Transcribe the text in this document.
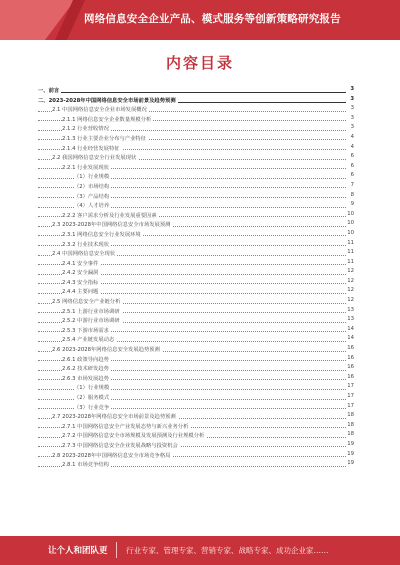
网络信息安全企业产品、模式服务等创新策略研究报告
内容目录
一、前言	3
二、2023-2028年中国网络信息安全市场前景及趋势预测	3
2.1 中国网络信息安全企业市场发展概况	3
2.1.1 网络信息安全企业数量规模分析	3
2.1.2 行业营收情况	3
2.1.3 行业主要企业分布与产业特征	4
2.1.4 行业经营发展特征	4
2.2 我国网络信息安全行业发展现状	6
2.2.1 行业发展现状	6
（1）行业规模	6
（2）市场结构	7
（3）产品结构	8
（4）人才培养	9
2.2.2 客户需求分析及行业发展重要因素	10
2.3 2023-2028年中国网络信息安全市场发展预测	10
2.3.1 网络信息安全行业发展环境	10
2.3.2 行业技术现状	11
2.4 中国网络信息安全现状	11
2.4.1 安全事件	11
2.4.2 安全漏洞	12
2.4.3 安全指标	12
2.4.4 主要问题	12
2.5 网络信息安全产业链分析	12
2.5.1 上游行业市场调研	13
2.5.2 中游行业市场调研	13
2.5.3 下游市场需求	14
2.5.4 产业链发展动态	14
2.6 2023-2028年网络信息安全发展趋势预测	16
2.6.1 政策导向趋势	16
2.6.2 技术研发趋势	16
2.6.3 市场发展趋势	16
（1）行业规模	17
（2）服务模式	17
（3）行业竞争	17
2.7 2023-2028年网络信息安全市场前景及趋势预测	18
2.7.1 中国网络信息安全产业发展态势与新兴业务分析	18
2.7.2 中国网络信息安全市场规模及发展预测及行业规模分析	18
2.7.3 中国网络信息安全企业发展战略与投资机会	19
2.8 2023-2028年中国网络信息安全市场竞争格局	19
2.8.1 市场竞争结构	19
让个人和团队更 行业专家、管理专家、营销专家、战略专家、成功企业家……
